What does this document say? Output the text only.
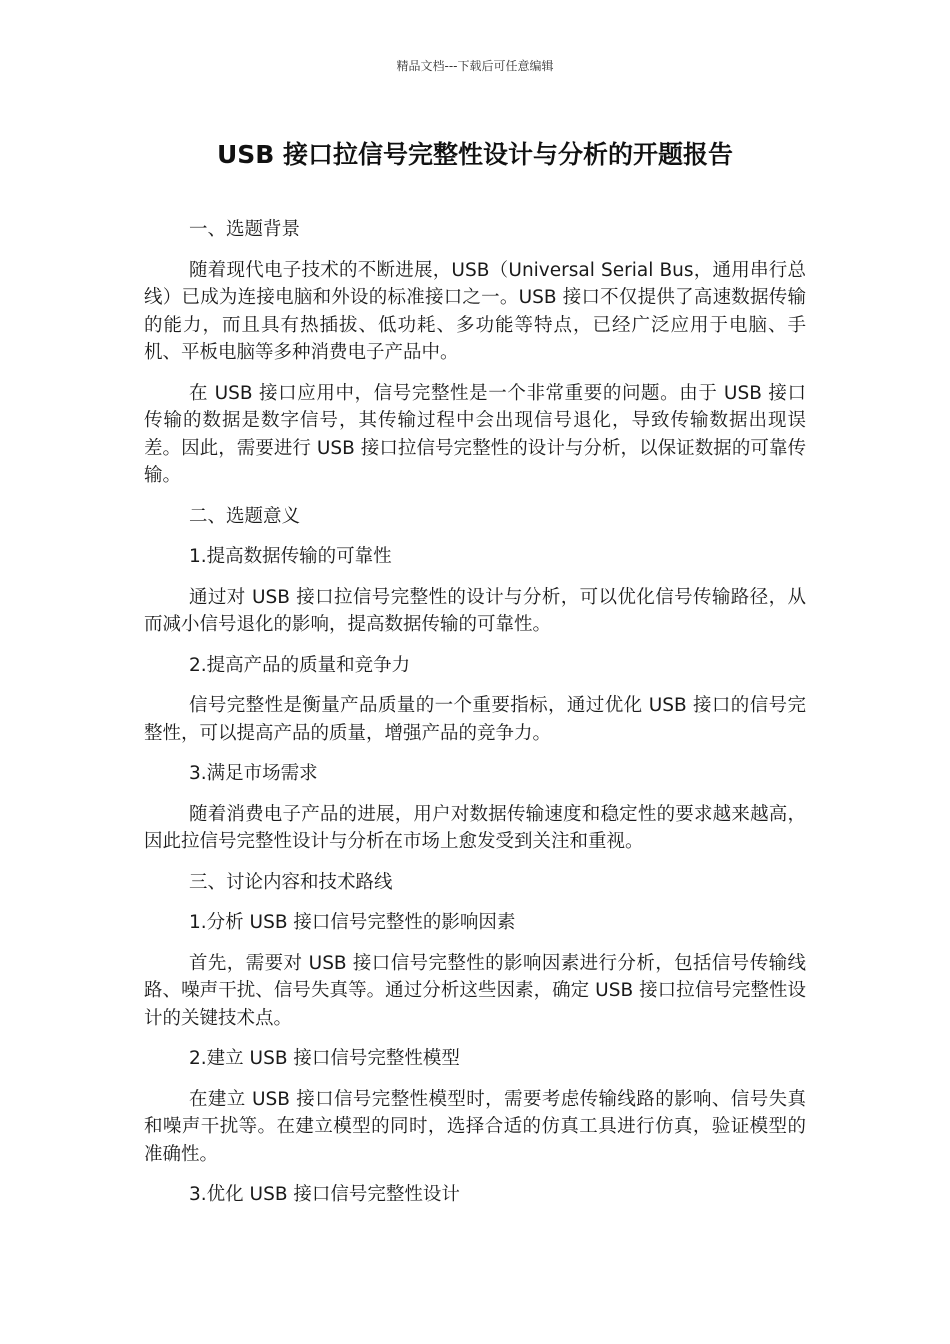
精品文档---下载后可任意编辑
USB 接口拉信号完整性设计与分析的开题报告

一、选题背景

随着现代电子技术的不断进展，USB（Universal Serial Bus，通用串行总线）已成为连接电脑和外设的标准接口之一。USB 接口不仅提供了高速数据传输的能力，而且具有热插拔、低功耗、多功能等特点，已经广泛应用于电脑、手机、平板电脑等多种消费电子产品中。

在 USB 接口应用中，信号完整性是一个非常重要的问题。由于 USB 接口传输的数据是数字信号，其传输过程中会出现信号退化，导致传输数据出现误差。因此，需要进行 USB 接口拉信号完整性的设计与分析，以保证数据的可靠传输。

二、选题意义

1.提高数据传输的可靠性

通过对 USB 接口拉信号完整性的设计与分析，可以优化信号传输路径，从而减小信号退化的影响，提高数据传输的可靠性。

2.提高产品的质量和竞争力

信号完整性是衡量产品质量的一个重要指标，通过优化 USB 接口的信号完整性，可以提高产品的质量，增强产品的竞争力。

3.满足市场需求

随着消费电子产品的进展，用户对数据传输速度和稳定性的要求越来越高，因此拉信号完整性设计与分析在市场上愈发受到关注和重视。

三、讨论内容和技术路线

1.分析 USB 接口信号完整性的影响因素

首先，需要对 USB 接口信号完整性的影响因素进行分析，包括信号传输线路、噪声干扰、信号失真等。通过分析这些因素，确定 USB 接口拉信号完整性设计的关键技术点。

2.建立 USB 接口信号完整性模型

在建立 USB 接口信号完整性模型时，需要考虑传输线路的影响、信号失真和噪声干扰等。在建立模型的同时，选择合适的仿真工具进行仿真，验证模型的准确性。

3.优化 USB 接口信号完整性设计
